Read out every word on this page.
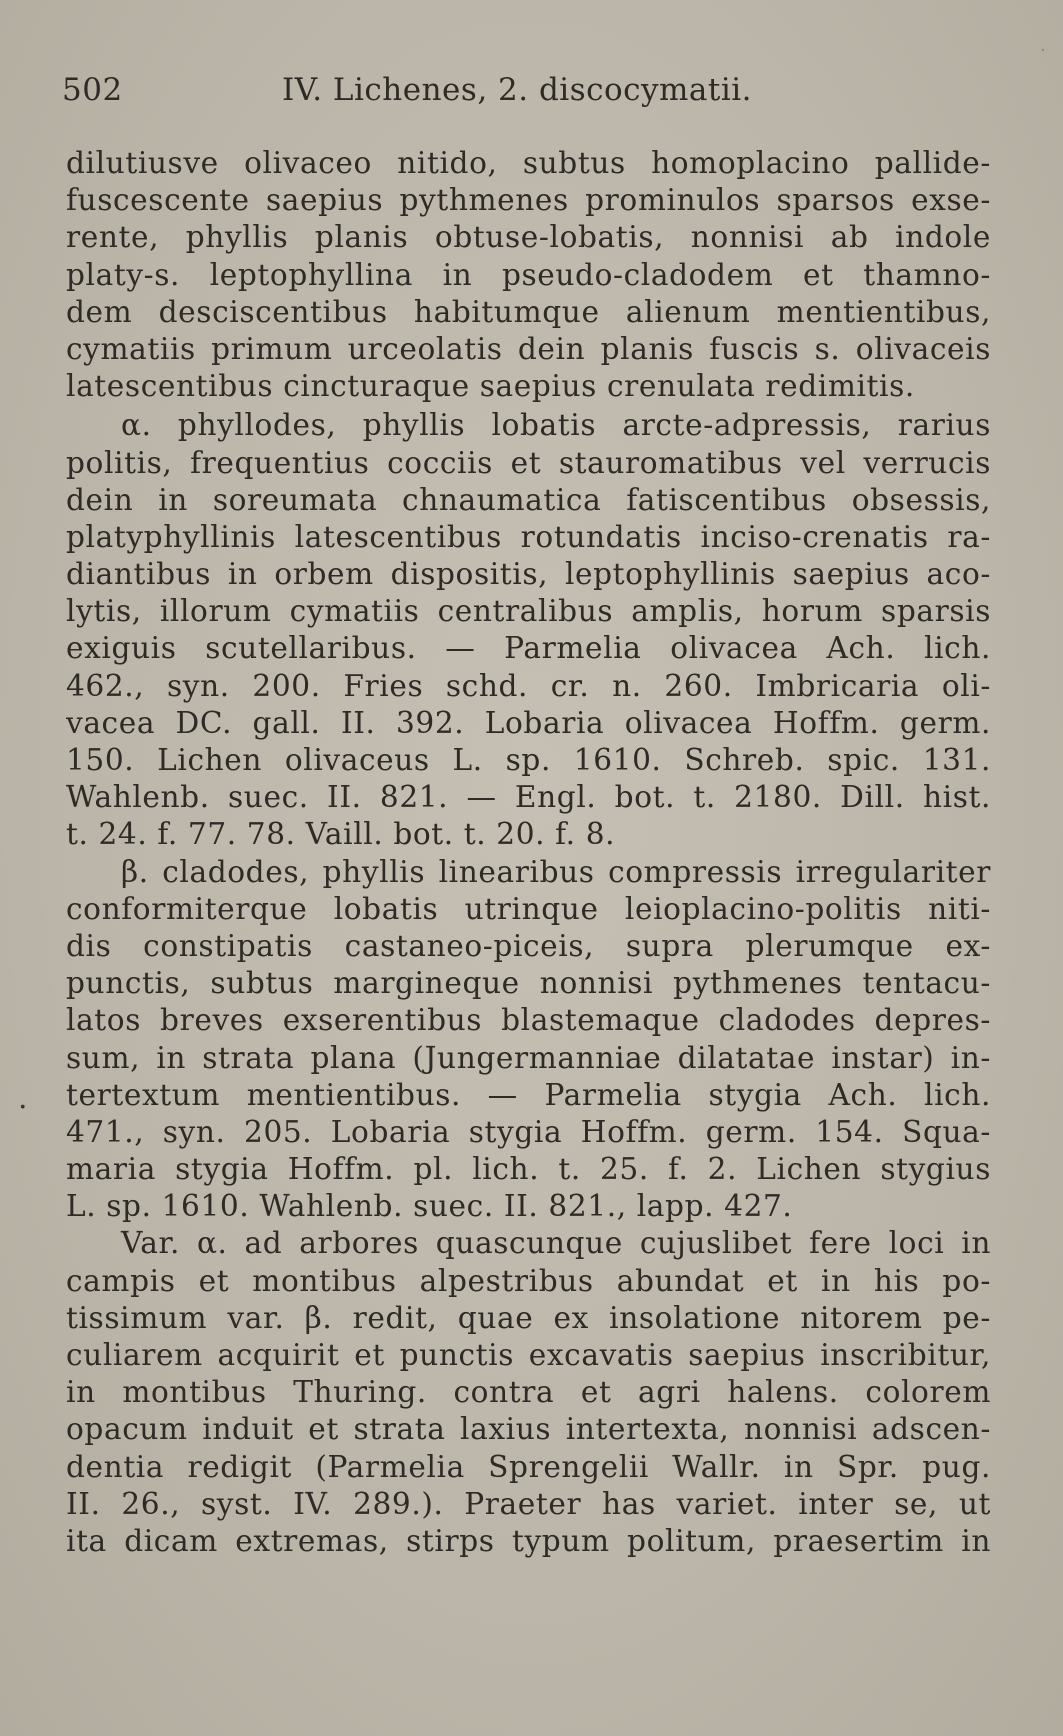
502	IV. Lichenes, 2. discocymatii.
dilutiusve olivaceo nitido, subtus homoplacino pallide-
fuscescente saepius pythmenes prominulos sparsos exse-
rente, phyllis planis obtuse-lobatis, nonnisi ab indole
platy-s. leptophyllina in pseudo-cladodem et thamno-
dem desciscentibus habitumque alienum mentientibus,
cymatiis primum urceolatis dein planis fuscis s. olivaceis
latescentibus cincturaque saepius crenulata redimitis.
α. phyllodes, phyllis lobatis arcte-adpressis, rarius
politis, frequentius cocciis et stauromatibus vel verrucis
dein in soreumata chnaumatica fatiscentibus obsessis,
platyphyllinis latescentibus rotundatis inciso-crenatis ra-
diantibus in orbem dispositis, leptophyllinis saepius aco-
lytis, illorum cymatiis centralibus amplis, horum sparsis
exiguis scutellaribus. — Parmelia olivacea Ach. lich.
462., syn. 200. Fries schd. cr. n. 260. Imbricaria oli-
vacea DC. gall. II. 392. Lobaria olivacea Hoffm. germ.
150. Lichen olivaceus L. sp. 1610. Schreb. spic. 131.
Wahlenb. suec. II. 821. — Engl. bot. t. 2180. Dill. hist.
t. 24. f. 77. 78. Vaill. bot. t. 20. f. 8.
β. cladodes, phyllis linearibus compressis irregulariter
conformiterque lobatis utrinque leioplacino-politis niti-
dis constipatis castaneo-piceis, supra plerumque ex-
punctis, subtus margineque nonnisi pythmenes tentacu-
latos breves exserentibus blastemaque cladodes depres-
sum, in strata plana (Jungermanniae dilatatae instar) in-
tertextum mentientibus. — Parmelia stygia Ach. lich.
471., syn. 205. Lobaria stygia Hoffm. germ. 154. Squa-
maria stygia Hoffm. pl. lich. t. 25. f. 2. Lichen stygius
L. sp. 1610. Wahlenb. suec. II. 821., lapp. 427.
Var. α. ad arbores quascunque cujuslibet fere loci in
campis et montibus alpestribus abundat et in his po-
tissimum var. β. redit, quae ex insolatione nitorem pe-
culiarem acquirit et punctis excavatis saepius inscribitur,
in montibus Thuring. contra et agri halens. colorem
opacum induit et strata laxius intertexta, nonnisi adscen-
dentia redigit (Parmelia Sprengelii Wallr. in Spr. pug.
II. 26., syst. IV. 289.). Praeter has variet. inter se, ut
ita dicam extremas, stirps typum politum, praesertim in
·
·
